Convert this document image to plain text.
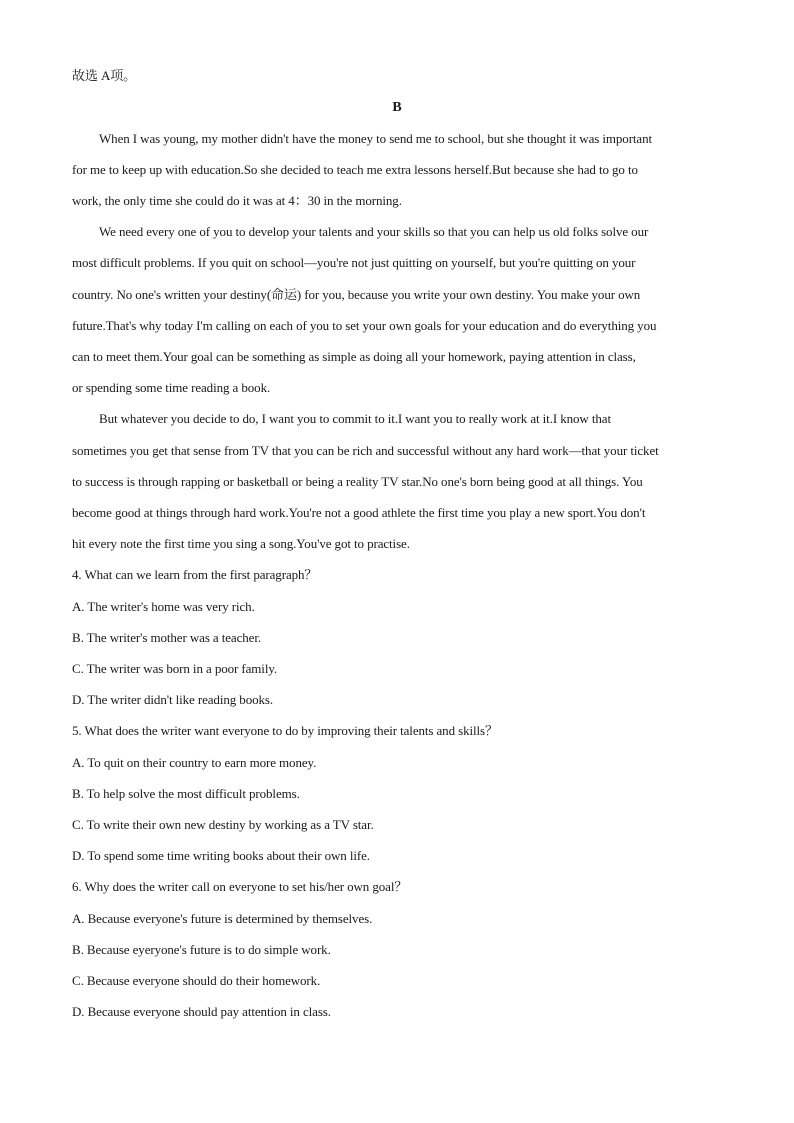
故选 A项。
B
When I was young, my mother didn't have the money to send me to school, but she thought it was important
for me to keep up with education.So she decided to teach me extra lessons herself.But because she had to go to
work, the only time she could do it was at 4：30 in the morning.
We need every one of you to develop your talents and your skills so that you can help us old folks solve our
most difficult problems. If you quit on school—you're not just quitting on yourself, but you're quitting on your
country. No one's written your destiny(命运) for you, because you write your own destiny. You make your own
future.That's why today I'm calling on each of you to set your own goals for your education and do everything you
can to meet them.Your goal can be something as simple as doing all your homework, paying attention in class,
or spending some time reading a book.
But whatever you decide to do, I want you to commit to it.I want you to really work at it.I know that
sometimes you get that sense from TV that you can be rich and successful without any hard work—that your ticket
to success is through rapping or basketball or being a reality TV star.No one's born being good at all things. You
become good at things through hard work.You're not a good athlete the first time you play a new sport.You don't
hit every note the first time you sing a song.You've got to practise.
4. What can we learn from the first paragraph？
A. The writer's home was very rich.
B. The writer's mother was a teacher.
C. The writer was born in a poor family.
D. The writer didn't like reading books.
5. What does the writer want everyone to do by improving their talents and skills？
A. To quit on their country to earn more money.
B. To help solve the most difficult problems.
C. To write their own new destiny by working as a TV star.
D. To spend some time writing books about their own life.
6. Why does the writer call on everyone to set his/her own goal？
A. Because everyone's future is determined by themselves.
B. Because eyeryone's future is to do simple work.
C. Because everyone should do their homework.
D. Because everyone should pay attention in class.
